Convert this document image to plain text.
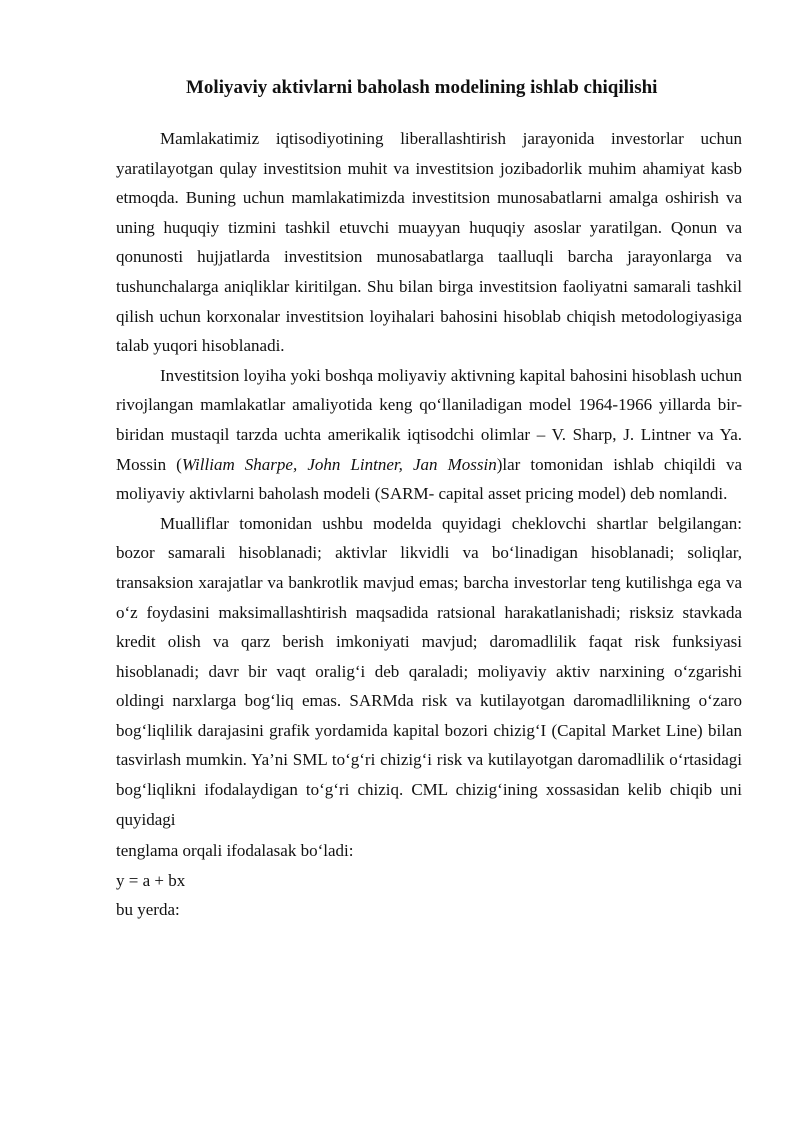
Moliyaviy aktivlarni baholash modelining ishlab chiqilishi

Mamlakatimiz iqtisodiyotining liberallashtirish jarayonida investorlar uchun yaratilayotgan qulay investitsion muhit va investitsion jozibadorlik muhim ahamiyat kasb etmoqda. Buning uchun mamlakatimizda investitsion munosabatlarni amalga oshirish va uning huquqiy tizmini tashkil etuvchi muayyan huquqiy asoslar yaratilgan. Qonun va qonunosti hujjatlarda investitsion munosabatlarga taalluqli barcha jarayonlarga va tushunchalarga aniqliklar kiritilgan. Shu bilan birga investitsion faoliyatni samarali tashkil qilish uchun korxonalar investitsion loyihalari bahosini hisoblab chiqish metodologiyasiga talab yuqori hisoblanadi.

Investitsion loyiha yoki boshqa moliyaviy aktivning kapital bahosini hisoblash uchun rivojlangan mamlakatlar amaliyotida keng qo‘llaniladigan model 1964-1966 yillarda bir-biridan mustaqil tarzda uchta amerikalik iqtisodchi olimlar – V. Sharp, J. Lintner va Ya. Mossin (William Sharpe, John Lintner, Jan Mossin)lar tomonidan ishlab chiqildi va moliyaviy aktivlarni baholash modeli (SARM- capital asset pricing model) deb nomlandi.

Mualliflar tomonidan ushbu modelda quyidagi cheklovchi shartlar belgilangan: bozor samarali hisoblanadi; aktivlar likvidli va bo‘linadigan hisoblanadi; soliqlar, transaksion xarajatlar va bankrotlik mavjud emas; barcha investorlar teng kutilishga ega va o‘z foydasini maksimallashtirish maqsadida ratsional harakatlanishadi; risksiz stavkada kredit olish va qarz berish imkoniyati mavjud; daromadlilik faqat risk funksiyasi hisoblanadi; davr bir vaqt oralig‘i deb qaraladi; moliyaviy aktiv narxining o‘zgarishi oldingi narxlarga bog‘liq emas. SARMda risk va kutilayotgan daromadlilikning o‘zaro bog‘liqlilik darajasini grafik yordamida kapital bozori chizig‘I (Capital Market Line) bilan tasvirlash mumkin. Ya’ni SML to‘g‘ri chizig‘i risk va kutilayotgan daromadlilik o‘rtasidagi bog‘liqlikni ifodalaydigan to‘g‘ri chiziq. CML chizig‘ining xossasidan kelib chiqib uni quyidagi

tenglama orqali ifodalasak bo‘ladi:

y = a + bx

bu yerda:
